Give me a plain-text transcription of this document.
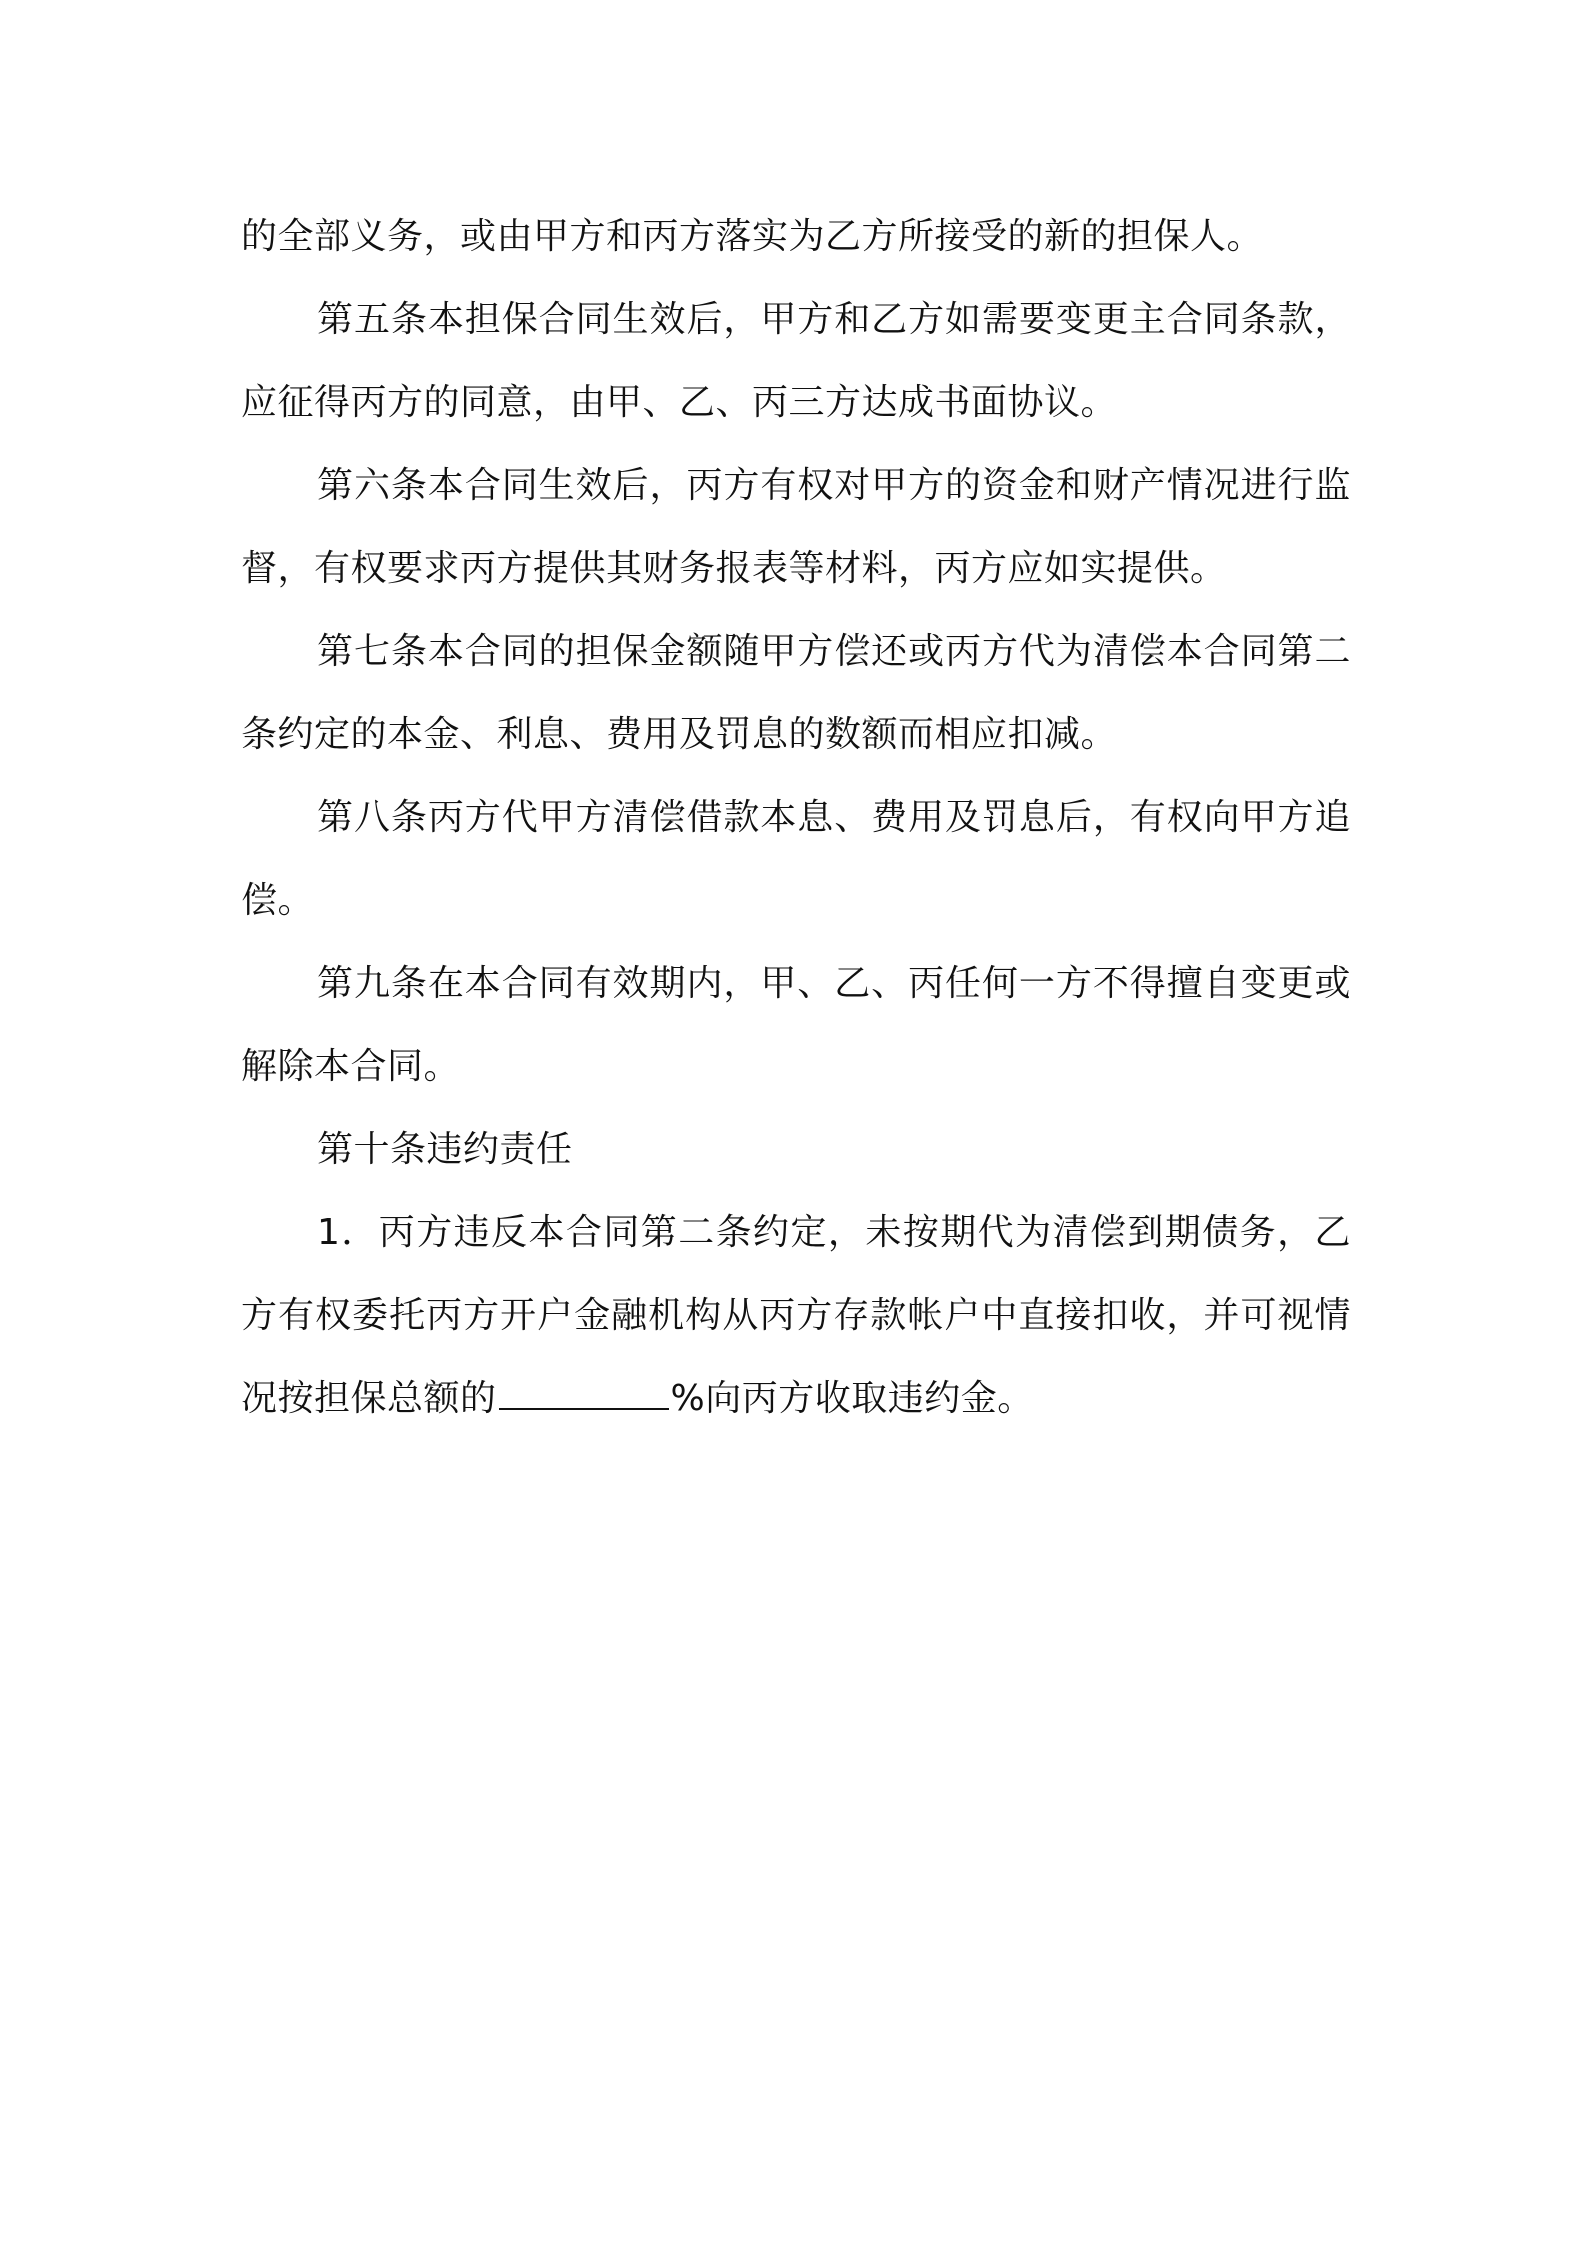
的全部义务，或由甲方和丙方落实为乙方所接受的新的担保人。

第五条本担保合同生效后，甲方和乙方如需要变更主合同条款，应征得丙方的同意，由甲、乙、丙三方达成书面协议。

第六条本合同生效后，丙方有权对甲方的资金和财产情况进行监督，有权要求丙方提供其财务报表等材料，丙方应如实提供。

第七条本合同的担保金额随甲方偿还或丙方代为清偿本合同第二条约定的本金、利息、费用及罚息的数额而相应扣减。

第八条丙方代甲方清偿借款本息、费用及罚息后，有权向甲方追偿。

第九条在本合同有效期内，甲、乙、丙任何一方不得擅自变更或解除本合同。

第十条违约责任

1．丙方违反本合同第二条约定，未按期代为清偿到期债务，乙方有权委托丙方开户金融机构从丙方存款帐户中直接扣收，并可视情况按担保总额的	%向丙方收取违约金。
